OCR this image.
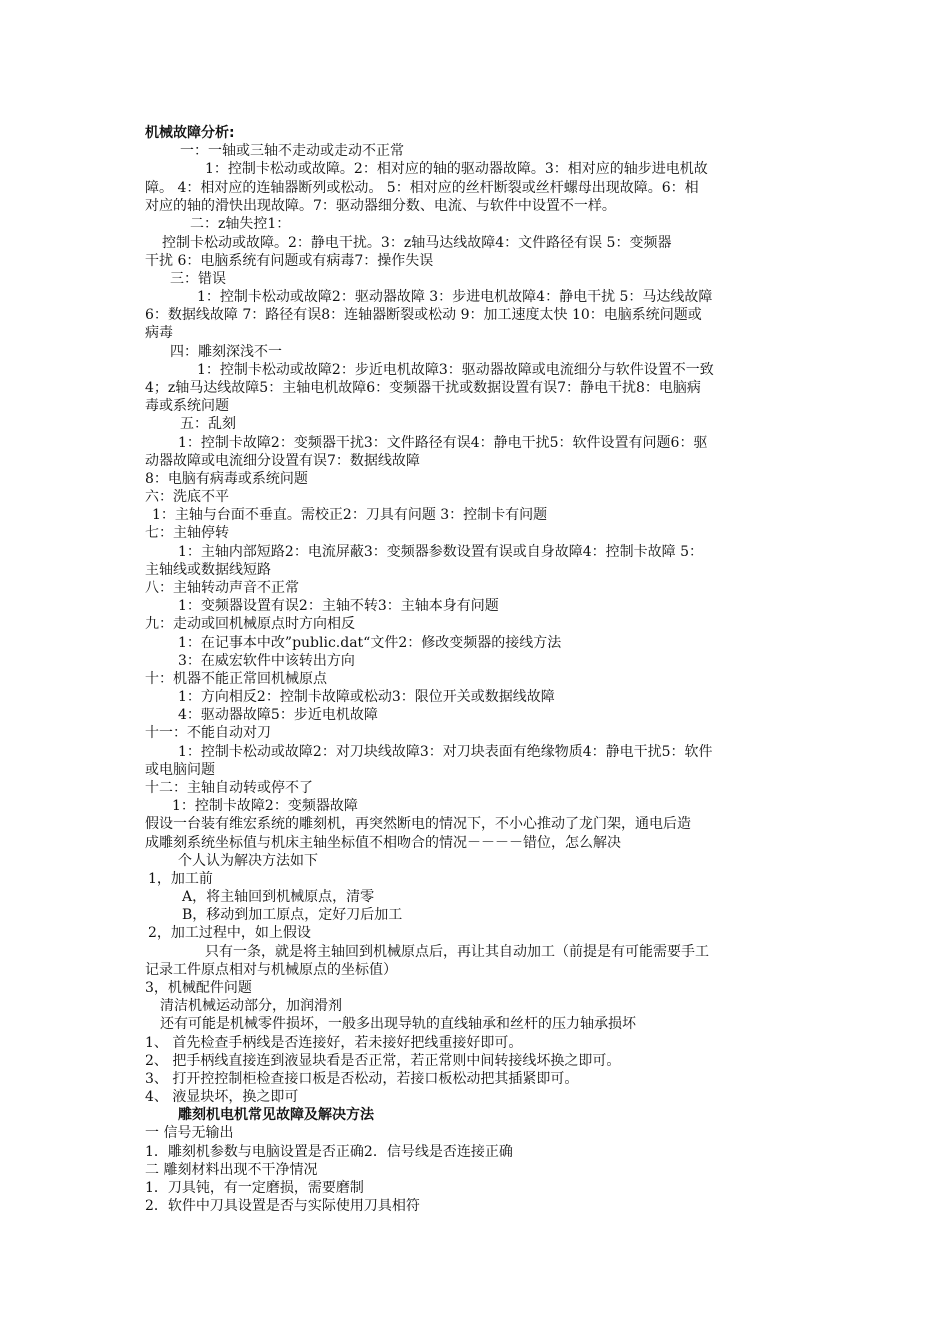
机械故障分析:
一：一轴或三轴不走动或走动不正常
1：控制卡松动或故障。2：相对应的轴的驱动器故障。3：相对应的轴步进电机故
障。 4：相对应的连轴器断列或松动。 5：相对应的丝杆断裂或丝杆螺母出现故障。6：相
对应的轴的滑快出现故障。7：驱动器细分数、电流、与软件中设置不一样。
二：z轴失控1：
控制卡松动或故障。2：静电干扰。3：z轴马达线故障4：文件路径有误 5：变频器
干扰 6：电脑系统有问题或有病毒7：操作失误
三：错误
1：控制卡松动或故障2：驱动器故障 3：步进电机故障4：静电干扰 5：马达线故障
6：数据线故障 7：路径有误8：连轴器断裂或松动 9：加工速度太快 10：电脑系统问题或
病毒
四：雕刻深浅不一
1：控制卡松动或故障2：步近电机故障3：驱动器故障或电流细分与软件设置不一致
4；z轴马达线故障5：主轴电机故障6：变频器干扰或数据设置有误7：静电干扰8：电脑病
毒或系统问题
五：乱刻
1：控制卡故障2：变频器干扰3：文件路径有误4：静电干扰5：软件设置有问题6：驱
动器故障或电流细分设置有误7：数据线故障
8：电脑有病毒或系统问题
六：洗底不平
1：主轴与台面不垂直。需校正2：刀具有问题 3：控制卡有问题
七：主轴停转
1：主轴内部短路2：电流屏蔽3：变频器参数设置有误或自身故障4：控制卡故障 5：
主轴线或数据线短路
八：主轴转动声音不正常
1：变频器设置有误2：主轴不转3：主轴本身有问题
九：走动或回机械原点时方向相反
1：在记事本中改”public.dat“文件2：修改变频器的接线方法
3：在威宏软件中该转出方向
十：机器不能正常回机械原点
1：方向相反2：控制卡故障或松动3：限位开关或数据线故障
4：驱动器故障5：步近电机故障
十一：不能自动对刀
1：控制卡松动或故障2：对刀块线故障3：对刀块表面有绝缘物质4：静电干扰5：软件
或电脑问题
十二：主轴自动转或停不了
1：控制卡故障2：变频器故障
假设一台装有维宏系统的雕刻机，再突然断电的情况下，不小心推动了龙门架，通电后造
成雕刻系统坐标值与机床主轴坐标值不相吻合的情况－－－－错位，怎么解决
个人认为解决方法如下
1，加工前
A，将主轴回到机械原点，清零
B，移动到加工原点，定好刀后加工
2，加工过程中，如上假设
只有一条，就是将主轴回到机械原点后，再让其自动加工（前提是有可能需要手工
记录工件原点相对与机械原点的坐标值）
3，机械配件问题
清洁机械运动部分，加润滑剂
还有可能是机械零件损坏，一般多出现导轨的直线轴承和丝杆的压力轴承损坏
1、 首先检查手柄线是否连接好，若未接好把线重接好即可。
2、 把手柄线直接连到液显块看是否正常，若正常则中间转接线坏换之即可。
3、 打开控控制柜检查接口板是否松动，若接口板松动把其插紧即可。
4、 液显块坏，换之即可
雕刻机电机常见故障及解决方法
一 信号无输出
1．雕刻机参数与电脑设置是否正确2．信号线是否连接正确
二 雕刻材料出现不干净情况
1．刀具钝，有一定磨损，需要磨制
2．软件中刀具设置是否与实际使用刀具相符
